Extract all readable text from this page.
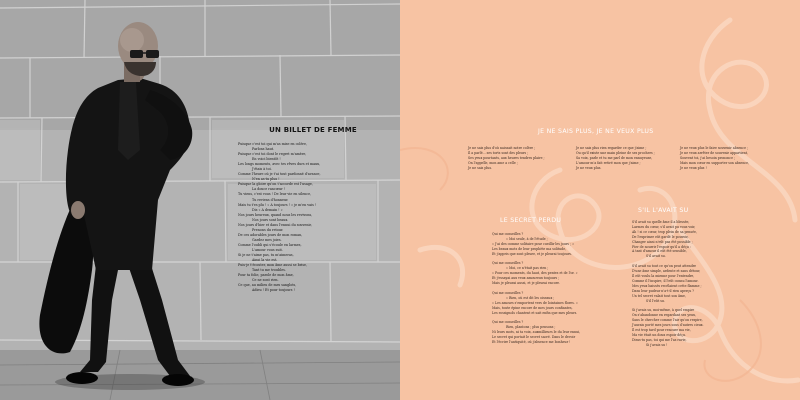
UN BILLET DE FEMME
Puisque c'est toi qui m'as mise en colère,
Parlons haut.
Puisque c'est toi dont le regret m'amère,
En voici bientôt !
Les longs moments, avec tes rêves durs et maux,
J'étais à toi.
Comme l'heure où je t'ai tout pardonné d'avance,
N'en as-tu plus !
Puisque la gloire qu'on t'accorde est l'usage,
La douce rancœur !
Tu viens, c'est vous ! De leur vie en silence,
Tu reviens d'honneur.
Mais tu t'es plu ! « A toujours ! » je m'en vais !
Dis « A demain ! »
Nos jours heureux, quand nous les revivons,
Nos jours sont beaux.
Nos jours d'hier et dans l'ennui du souvenir,
Prenons du retour.
De ces adorables jours de mon roman,
Gardez mes joies.
Comme l'oubli qui s'écoule en larmes,
L'amour vous suit.
Si je ne t'aime pas, tu m'aimeras,
Ainsi la vie est.
Puis-je t'écouter, mon âme aussi se brise,
Tant tu me troubles.
Pour ta folie, parole de mon âme,
Ce ne sont rien.
Ce que, au milieu de mes sanglots,
Adieu ! Et pour toujours !
JE NE SAIS PLUS, JE NE VEUX PLUS
Je ne sais plus d'où naissait notre colère ;
Il a parlé... ses torts sont des pleurs ;
Ses yeux pourtants, aux heures tendres plaire ;
On l'appelle, mon ame a celle ;
Je ne sais plus.
Je ne sais plus rien regarder ce que j'aime ;
Ou qu'il existe une main pleine de ses prochers ;
Sa voix, parle et tu me parl de mon ennuyeuse,
L'amour m'a fait retiré mon que j'aime ;
Je ne veux plus.
Je ne veux plus le faire souvenir absence ;
Je ne veux arrêter de souvenir appartient,
Souvent toi, j'ai besoin prononce ;
Mais mon cœur en supporter son absence,
Je ne veux plus !
LE SECRET PERDU
Qui me conseilles ?
« Moi seule, à de l'étude ;
« J'ai des comme solitaire pour cueillir les jours ; »
Les beaux mots de leur prophète ma solitude,
Et j'appris que sont pleure, et je pleurai toujours.

Qui me conseilles ?
« Moi, ce n'était pas rien ;
« Pour ces moments, du haut, des pentes et de l'or. »
Et j'essayai aux veux amoureux toujours ;
Mais je pleurai aussi, et je pleurai encore.

Qui me conseilles ?
« Rien, où est dit les oiseaux ;
« Les amours s'emportent vers de lointaines flores. »
Mais, toute épine encore de mes jours confiantes,
Les rossignols chantent et sait enfin que mes pleurs.

Qui me conseilles ?
Rien, plantons ; plus pensons ;
Ni leurs mots, ni ta voix, auxmillieurs le du leur ennui,
Le secret qui portait le secret sacré. Dans le devoir
Et l'écrire l'antiquité, où j'absence me bonheur !
S'IL L'AVAIT SU
S'il avait su quelle âme il a blessée,
Larmes du cœur, s'il avait pu vous voir,
Ah ! si ce cœur, trop plein de sa pensée,
De l'exprimer eût gardé le pouvoir,
Changer ainsi n'eût pas été possible ;
Fier de nourrir l'espoir qu'il a déçu :
A tant d'amour il eût été sensible,
S'il avait su.

S'il avait su tout ce qu'on peut attendre
D'une âme simple, ardente et sans détour,
Il eût voulu la mienne pour l'entendre,
Comme il l'inspire, il l'eût connu l'amour.
Mes yeux baissés recélaient cette flamme ;
Dans leur pudeur n'a-t-il rien aperçu ?
Un tel secret valait tout son âme,
S'il l'eût su.

Si j'avais su, moi-même, à quel empire
On s'abandonne en regardant ses yeux,
Sans le chercher comme l'air qu'on respire,
J'aurais porté mes jours sous d'autres cieux.
Il est trop tard pour renouer ma vie,
Ma vie était un doux espoir déçu.
Diras-tu pas, toi qui me l'as ravie,
Si j'avais su !
